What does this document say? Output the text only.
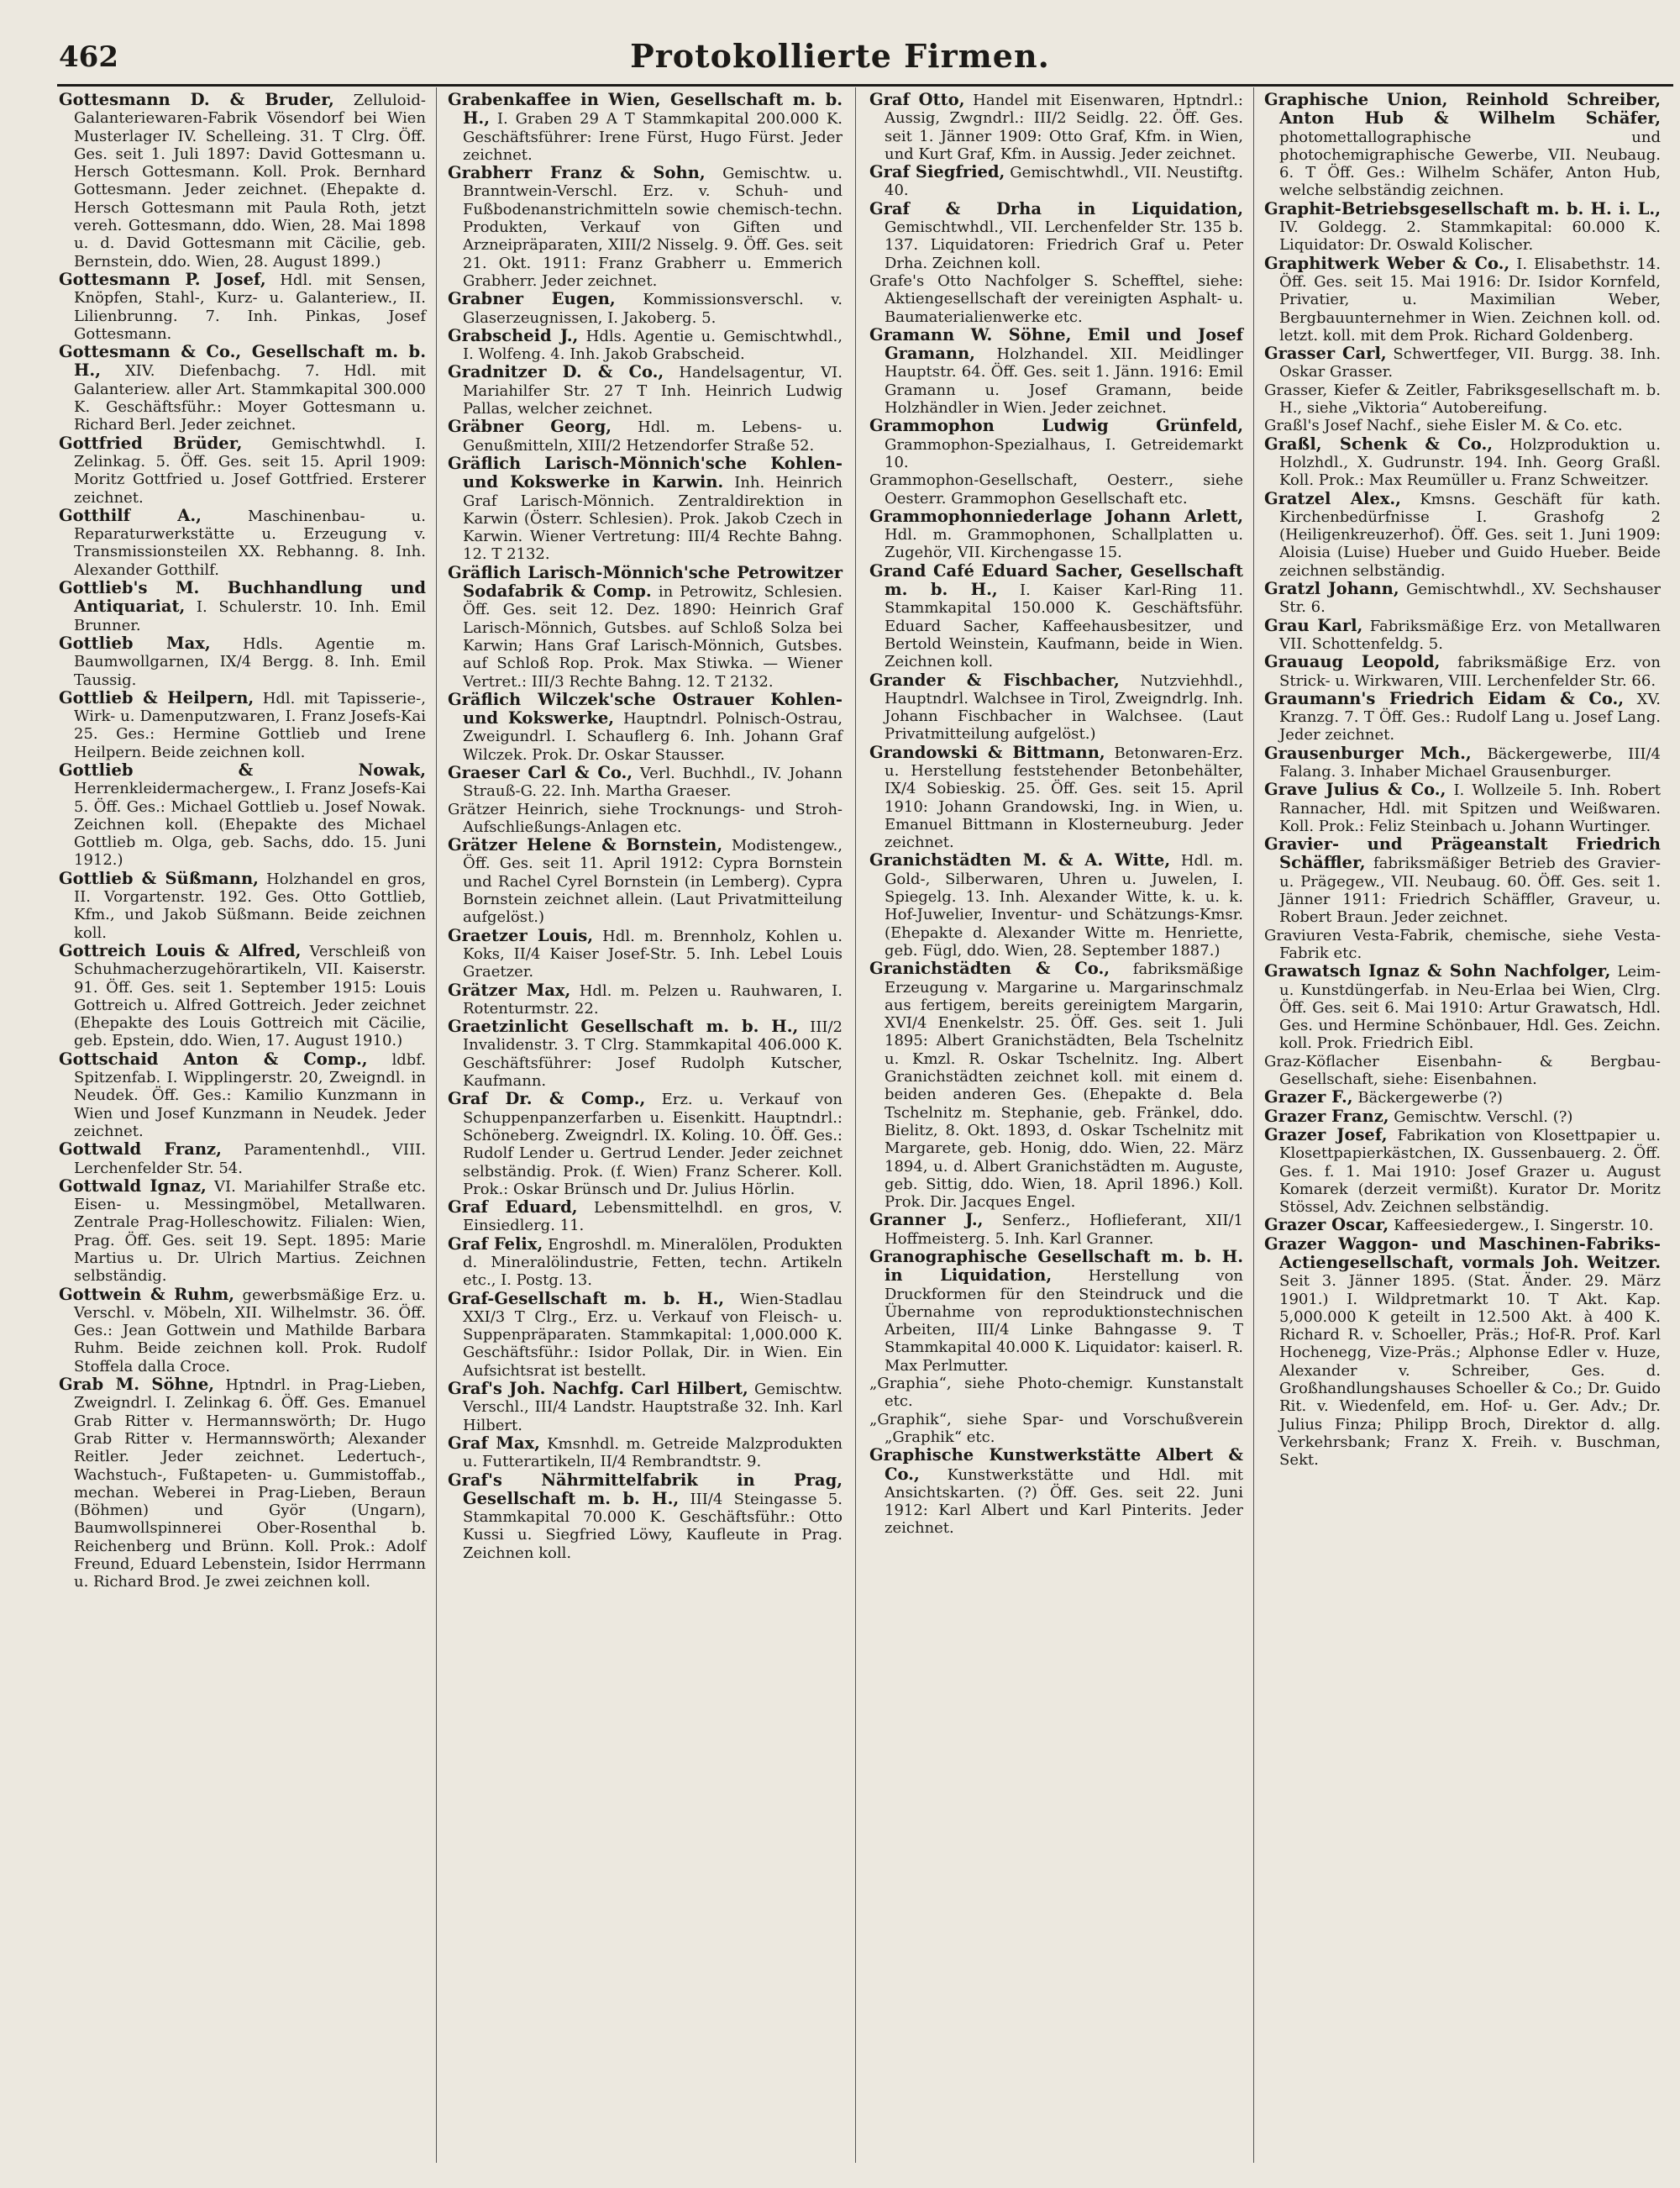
462	Protokollierte Firmen.

Gottesmann D. & Bruder, Zelluloid-Galanteriewaren-Fabrik Vösendorf bei Wien Musterlager IV. Schelleing. 31. T Clrg. Öff. Ges. seit 1. Juli 1897: David Gottesmann u. Hersch Gottesmann. Koll. Prok. Bernhard Gottesmann. Jeder zeichnet. (Ehepakte d. Hersch Gottesmann mit Paula Roth, jetzt vereh. Gottesmann, ddo. Wien, 28. Mai 1898 u. d. David Gottesmann mit Cäcilie, geb. Bernstein, ddo. Wien, 28. August 1899.)

Gottesmann P. Josef, Hdl. mit Sensen, Knöpfen, Stahl-, Kurz- u. Galanteriew., II. Lilienbrunng. 7. Inh. Pinkas, Josef Gottesmann.

Gottesmann & Co., Gesellschaft m. b. H., XIV. Diefenbachg. 7. Hdl. mit Galanteriew. aller Art. Stammkapital 300.000 K. Geschäftsführ.: Moyer Gottesmann u. Richard Berl. Jeder zeichnet.

Gottfried Brüder, Gemischtwhdl. I. Zelinkag. 5. Öff. Ges. seit 15. April 1909: Moritz Gottfried u. Josef Gottfried. Ersterer zeichnet.

Gotthilf A.,	Maschinenbau- u. Reparaturwerkstätte u. Erzeugung v. Transmissionsteilen XX. Rebhanng. 8. Inh. Alexander Gotthilf.

Gottlieb's M. Buchhandlung und Antiquariat, I. Schulerstr. 10. Inh. Emil Brunner.

Gottlieb Max, Hdls. Agentie m. Baumwollgarnen, IX/4 Bergg. 8. Inh. Emil Taussig.

Gottlieb & Heilpern, Hdl. mit Tapisserie-, Wirk- u. Damenputzwaren, I. Franz Josefs-Kai 25. Ges.: Hermine Gottlieb und Irene Heilpern. Beide zeichnen koll.

Gottlieb & Nowak, Herrenkleidermachergew., I. Franz Josefs-Kai 5. Öff. Ges.: Michael Gottlieb u. Josef Nowak. Zeichnen koll. (Ehepakte des Michael Gottlieb m. Olga, geb. Sachs, ddo. 15. Juni 1912.)

Gottlieb & Süßmann, Holzhandel en gros, II. Vorgartenstr. 192. Ges. Otto Gottlieb, Kfm., und Jakob Süßmann. Beide zeichnen koll.

Gottreich Louis & Alfred, Verschleiß von Schuhmacherzugehörartikeln, VII. Kaiserstr. 91. Öff. Ges. seit 1. September 1915: Louis Gottreich u. Alfred Gottreich. Jeder zeichnet (Ehepakte des Louis Gottreich mit Cäcilie, geb. Epstein, ddo. Wien, 17. August 1910.)

Gottschaid Anton & Comp., ldbf. Spitzenfab. I. Wipplingerstr. 20, Zweigndl. in Neudek. Öff. Ges.: Kamilio Kunzmann in Wien und Josef Kunzmann in Neudek. Jeder zeichnet.

Gottwald Franz, Paramentenhdl., VIII. Lerchenfelder Str. 54.

Gottwald Ignaz, VI. Mariahilfer Straße etc. Eisen- u. Messingmöbel, Metallwaren. Zentrale Prag-Holleschowitz. Filialen: Wien, Prag. Öff. Ges. seit 19. Sept. 1895: Marie Martius u. Dr. Ulrich Martius. Zeichnen selbständig.

Gottwein & Ruhm, gewerbsmäßige Erz. u. Verschl. v. Möbeln, XII. Wilhelmstr. 36. Öff. Ges.: Jean Gottwein und Mathilde Barbara Ruhm. Beide zeichnen koll. Prok. Rudolf Stoffela dalla Croce.

Grab M. Söhne, Hptndrl. in Prag-Lieben, Zweigndrl. I. Zelinkag 6. Öff. Ges. Emanuel Grab Ritter v. Hermannswörth; Dr. Hugo Grab Ritter v. Hermannswörth; Alexander Reitler. Jeder zeichnet. Ledertuch-, Wachstuch-, Fußtapeten- u. Gummistoffab., mechan. Weberei in Prag-Lieben, Beraun (Böhmen) und Györ (Ungarn), Baumwollspinnerei Ober-Rosenthal b. Reichenberg und Brünn. Koll. Prok.: Adolf Freund, Eduard Lebenstein, Isidor Herrmann u. Richard Brod. Je zwei zeichnen koll.

Grabenkaffee in Wien, Gesellschaft m. b. H., I. Graben 29 A T Stammkapital 200.000 K. Geschäftsführer: Irene Fürst, Hugo Fürst. Jeder zeichnet.

Grabherr Franz & Sohn, Gemischtw. u. Branntwein-Verschl. Erz. v. Schuh- und Fußbodenanstrichmitteln sowie chemisch-techn. Produkten, Verkauf von Giften und Arzneipräparaten, XIII/2 Nisselg. 9. Öff. Ges. seit 21. Okt. 1911: Franz Grabherr u. Emmerich Grabherr. Jeder zeichnet.

Grabner Eugen, Kommissionsverschl. v. Glaserzeugnissen, I. Jakoberg. 5.

Grabscheid J., Hdls. Agentie u. Gemischtwhdl., I. Wolfeng. 4. Inh. Jakob Grabscheid.

Gradnitzer D. & Co., Handelsagentur, VI. Mariahilfer Str. 27 T Inh. Heinrich Ludwig Pallas, welcher zeichnet.

Gräbner Georg, Hdl. m. Lebens- u. Genußmitteln, XIII/2 Hetzendorfer Straße 52.

Gräflich Larisch-Mönnich'sche Kohlen- und Kokswerke in Karwin. Inh. Heinrich Graf Larisch-Mönnich. Zentraldirektion in Karwin (Österr. Schlesien). Prok. Jakob Czech in Karwin. Wiener Vertretung: III/4 Rechte Bahng. 12. T 2132.

Gräflich Larisch-Mönnich'sche Petrowitzer Sodafabrik & Comp. in Petrowitz, Schlesien. Öff. Ges. seit 12. Dez. 1890: Heinrich Graf Larisch-Mönnich, Gutsbes. auf Schloß Solza bei Karwin; Hans Graf Larisch-Mönnich, Gutsbes. auf Schloß Rop. Prok. Max Stiwka. — Wiener Vertret.: III/3 Rechte Bahng. 12. T 2132.

Gräflich Wilczek'sche Ostrauer Kohlen- und Kokswerke, Hauptndrl. Polnisch-Ostrau, Zweigundrl. I. Schauflerg 6. Inh. Johann Graf Wilczek. Prok. Dr. Oskar Stausser.

Graeser Carl & Co., Verl. Buchhdl., IV. Johann Strauß-G. 22. Inh. Martha Graeser.

Grätzer Heinrich, siehe Trocknungs- und Stroh-Aufschließungs-Anlagen etc.

Grätzer Helene & Bornstein, Modistengew., Öff. Ges. seit 11. April 1912: Cypra Bornstein und Rachel Cyrel Bornstein (in Lemberg). Cypra Bornstein zeichnet allein. (Laut Privatmitteilung aufgelöst.)

Graetzer Louis, Hdl. m. Brennholz, Kohlen u. Koks, II/4 Kaiser Josef-Str. 5. Inh. Lebel Louis Graetzer.

Grätzer Max, Hdl. m. Pelzen u. Rauhwaren, I. Rotenturmstr. 22.

Graetzinlicht Gesellschaft m. b. H., III/2 Invalidenstr. 3. T Clrg. Stammkapital 406.000 K. Geschäftsführer: Josef Rudolph Kutscher, Kaufmann.

Graf Dr. & Comp., Erz. u. Verkauf von Schuppenpanzerfarben u. Eisenkitt. Hauptndrl.: Schöneberg. Zweigndrl. IX. Koling. 10. Öff. Ges.: Rudolf Lender u. Gertrud Lender. Jeder zeichnet selbständig. Prok. (f. Wien) Franz Scherer. Koll. Prok.: Oskar Brünsch und Dr. Julius Hörlin.

Graf Eduard, Lebensmittelhdl. en gros, V. Einsiedlerg. 11.

Graf Felix, Engroshdl. m. Mineralölen, Produkten d. Mineralölindustrie, Fetten, techn. Artikeln etc., I. Postg. 13.

Graf-Gesellschaft m. b. H., Wien-Stadlau XXI/3 T Clrg., Erz. u. Verkauf von Fleisch- u. Suppenpräparaten. Stammkapital: 1,000.000 K. Geschäftsführ.: Isidor Pollak, Dir. in Wien. Ein Aufsichtsrat ist bestellt.

Graf's Joh. Nachfg. Carl Hilbert, Gemischtw. Verschl., III/4 Landstr. Hauptstraße 32. Inh. Karl Hilbert.

Graf Max, Kmsnhdl. m. Getreide Malzprodukten u. Futterartikeln, II/4 Rembrandtstr. 9.

Graf's Nährmittelfabrik in Prag, Gesellschaft m. b. H., III/4 Steingasse 5. Stammkapital 70.000 K. Geschäftsführ.: Otto Kussi u. Siegfried Löwy, Kaufleute in Prag. Zeichnen koll.

Graf Otto, Handel mit Eisenwaren, Hptndrl.: Aussig, Zwgndrl.: III/2 Seidlg. 22. Öff. Ges. seit 1. Jänner 1909: Otto Graf, Kfm. in Wien, und Kurt Graf, Kfm. in Aussig. Jeder zeichnet.

Graf Siegfried, Gemischtwhdl., VII. Neustiftg. 40.

Graf & Drha in Liquidation, Gemischtwhdl., VII. Lerchenfelder Str. 135 b. 137. Liquidatoren: Friedrich Graf u. Peter Drha. Zeichnen koll.

Grafe's Otto Nachfolger S. Schefftel, siehe: Aktiengesellschaft der vereinigten Asphalt- u. Baumaterialienwerke etc.

Gramann W. Söhne, Emil und Josef Gramann, Holzhandel. XII. Meidlinger Hauptstr. 64. Öff. Ges. seit 1. Jänn. 1916: Emil Gramann u. Josef Gramann, beide Holzhändler in Wien. Jeder zeichnet.

Grammophon Ludwig Grünfeld, Grammophon-Spezialhaus, I. Getreidemarkt 10.

Grammophon-Gesellschaft, Oesterr., siehe Oesterr. Grammophon Gesellschaft etc.

Grammophonniederlage Johann Arlett, Hdl. m. Grammophonen, Schallplatten u. Zugehör, VII. Kirchengasse 15.

Grand Café Eduard Sacher, Gesellschaft m. b. H., I. Kaiser Karl-Ring 11. Stammkapital 150.000 K. Geschäftsführ. Eduard Sacher, Kaffeehausbesitzer, und Bertold Weinstein, Kaufmann, beide in Wien. Zeichnen koll.

Grander & Fischbacher, Nutzviehhdl., Hauptndrl. Walchsee in Tirol, Zweigndrlg. Inh. Johann Fischbacher in Walchsee. (Laut Privatmitteilung aufgelöst.)

Grandowski & Bittmann, Betonwaren-Erz. u. Herstellung feststehender Betonbehälter, IX/4 Sobieskig. 25. Öff. Ges. seit 15. April 1910: Johann Grandowski, Ing. in Wien, u. Emanuel Bittmann in Klosterneuburg. Jeder zeichnet.

Granichstädten M. & A. Witte, Hdl. m. Gold-, Silberwaren, Uhren u. Juwelen, I. Spiegelg. 13. Inh. Alexander Witte, k. u. k. Hof-Juwelier, Inventur- und Schätzungs-Kmsr. (Ehepakte d. Alexander Witte m. Henriette, geb. Fügl, ddo. Wien, 28. September 1887.)

Granichstädten & Co., fabriksmäßige Erzeugung v. Margarine u. Margarinschmalz aus fertigem, bereits gereinigtem Margarin, XVI/4 Enenkelstr. 25. Öff. Ges. seit 1. Juli 1895: Albert Granichstädten, Bela Tschelnitz u. Kmzl. R. Oskar Tschelnitz. Ing. Albert Granichstädten zeichnet koll. mit einem d. beiden anderen Ges. (Ehepakte d. Bela Tschelnitz m. Stephanie, geb. Fränkel, ddo. Bielitz, 8. Okt. 1893, d. Oskar Tschelnitz mit Margarete, geb. Honig, ddo. Wien, 22. März 1894, u. d. Albert Granichstädten m. Auguste, geb. Sittig, ddo. Wien, 18. April 1896.) Koll. Prok. Dir. Jacques Engel.

Granner J., Senferz., Hoflieferant, XII/1 Hoffmeisterg. 5. Inh. Karl Granner.

Granographische Gesellschaft m. b. H. in Liquidation, Herstellung von Druckformen für den Steindruck und die Übernahme von reproduktionstechnischen Arbeiten, III/4 Linke Bahngasse 9. T Stammkapital 40.000 K. Liquidator: kaiserl. R. Max Perlmutter.

„Graphia“, siehe Photo-chemigr. Kunstanstalt etc.

„Graphik“, siehe Spar- und Vorschußverein „Graphik“ etc.

Graphische Kunstwerkstätte Albert & Co., Kunstwerkstätte und Hdl. mit Ansichtskarten. (?) Öff. Ges. seit 22. Juni 1912: Karl Albert und Karl Pinterits. Jeder zeichnet.

Graphische Union, Reinhold Schreiber, Anton Hub & Wilhelm Schäfer, photomettallographische und photochemigraphische Gewerbe, VII. Neubaug. 6. T Öff. Ges.: Wilhelm Schäfer, Anton Hub, welche selbständig zeichnen.

Graphit-Betriebsgesellschaft m. b. H. i. L., IV. Goldegg. 2. Stammkapital: 60.000 K. Liquidator: Dr. Oswald Kolischer.

Graphitwerk Weber & Co., I. Elisabethstr. 14. Öff. Ges. seit 15. Mai 1916: Dr. Isidor Kornfeld, Privatier, u. Maximilian Weber, Bergbauunternehmer in Wien. Zeichnen koll. od. letzt. koll. mit dem Prok. Richard Goldenberg.

Grasser Carl, Schwertfeger, VII. Burgg. 38. Inh. Oskar Grasser.

Grasser, Kiefer & Zeitler, Fabriksgesellschaft m. b. H., siehe „Viktoria“ Autobereifung.

Graßl's Josef Nachf., siehe Eisler M. & Co. etc.

Graßl, Schenk & Co., Holzproduktion u. Holzhdl., X. Gudrunstr. 194. Inh. Georg Graßl. Koll. Prok.: Max Reumüller u. Franz Schweitzer.

Gratzel Alex., Kmsns. Geschäft für kath. Kirchenbedürfnisse I. Grashofg 2 (Heiligenkreuzerhof). Öff. Ges. seit 1. Juni 1909: Aloisia (Luise) Hueber und Guido Hueber. Beide zeichnen selbständig.

Gratzl Johann, Gemischtwhdl., XV. Sechshauser Str. 6.

Grau Karl, Fabriksmäßige Erz. von Metallwaren VII. Schottenfeldg. 5.

Grauaug Leopold, fabriksmäßige Erz. von Strick- u. Wirkwaren, VIII. Lerchenfelder Str. 66.

Graumann's Friedrich Eidam & Co., XV. Kranzg. 7. T Öff. Ges.: Rudolf Lang u. Josef Lang. Jeder zeichnet.

Grausenburger Mch., Bäckergewerbe, III/4 Falang. 3. Inhaber Michael Grausenburger.

Grave Julius & Co., I. Wollzeile 5. Inh. Robert Rannacher, Hdl. mit Spitzen und Weißwaren. Koll. Prok.: Feliz Steinbach u. Johann Wurtinger.

Gravier- und Prägeanstalt Friedrich Schäffler, fabriksmäßiger Betrieb des Gravier- u. Prägegew., VII. Neubaug. 60. Öff. Ges. seit 1. Jänner 1911: Friedrich Schäffler, Graveur, u. Robert Braun. Jeder zeichnet.

Graviuren Vesta-Fabrik, chemische, siehe Vesta-Fabrik etc.

Grawatsch Ignaz & Sohn Nachfolger, Leim- u. Kunstdüngerfab. in Neu-Erlaa bei Wien, Clrg. Öff. Ges. seit 6. Mai 1910: Artur Grawatsch, Hdl. Ges. und Hermine Schönbauer, Hdl. Ges. Zeichn. koll. Prok. Friedrich Eibl.

Graz-Köflacher Eisenbahn- & Bergbau-Gesellschaft, siehe: Eisenbahnen.

Grazer F., Bäckergewerbe (?)

Grazer Franz, Gemischtw. Verschl. (?)

Grazer Josef, Fabrikation von Klosettpapier u. Klosettpapierkästchen, IX. Gussenbauerg. 2. Öff. Ges. f. 1. Mai 1910: Josef Grazer u. August Komarek (derzeit vermißt). Kurator Dr. Moritz Stössel, Adv. Zeichnen selbständig.

Grazer Oscar, Kaffeesiedergew., I. Singerstr. 10.

Grazer Waggon- und Maschinen-Fabriks-Actiengesellschaft, vormals Joh. Weitzer. Seit 3. Jänner 1895. (Stat. Änder. 29. März 1901.) I. Wildpretmarkt 10. T Akt. Kap. 5,000.000 K geteilt in 12.500 Akt. à 400 K. Richard R. v. Schoeller, Präs.; Hof-R. Prof. Karl Hochenegg, Vize-Präs.; Alphonse Edler v. Huze, Alexander v. Schreiber, Ges. d. Großhandlungshauses Schoeller & Co.; Dr. Guido Rit. v. Wiedenfeld, em. Hof- u. Ger. Adv.; Dr. Julius Finza; Philipp Broch, Direktor d. allg. Verkehrsbank; Franz X. Freih. v. Buschman, Sekt.
